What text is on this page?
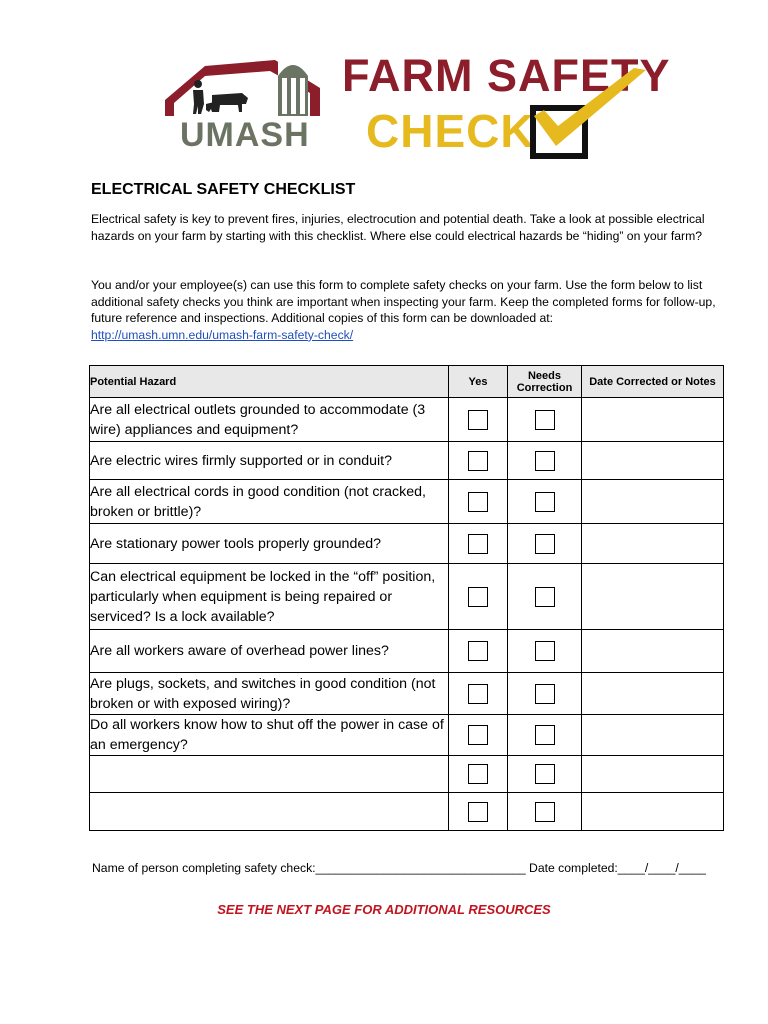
UMASH
FARM SAFETY
CHECK
ELECTRICAL SAFETY CHECKLIST

Electrical safety is key to prevent fires, injuries, electrocution and potential death. Take a look at possible electrical hazards on your farm by starting with this checklist. Where else could electrical hazards be “hiding” on your farm?

You and/or your employee(s) can use this form to complete safety checks on your farm. Use the form below to list additional safety checks you think are important when inspecting your farm. Keep the completed forms for follow-up, future reference and inspections. Additional copies of this form can be downloaded at:
http://umash.umn.edu/umash-farm-safety-check/

Potential Hazard	Yes	Needs Correction	Date Corrected or Notes
Are all electrical outlets grounded to accommodate (3 wire) appliances and equipment?			
Are electric wires firmly supported or in conduit?			
Are all electrical cords in good condition (not cracked, broken or brittle)?			
Are stationary power tools properly grounded?			
Can electrical equipment be locked in the “off” position, particularly when equipment is being repaired or serviced? Is a lock available?			
Are all workers aware of overhead power lines?			
Are plugs, sockets, and switches in good condition (not broken or with exposed wiring)?			
Do all workers know how to shut off the power in case of an emergency?			

Name of person completing safety check:_______________________________ Date completed:____/____/____
SEE THE NEXT PAGE FOR ADDITIONAL RESOURCES
